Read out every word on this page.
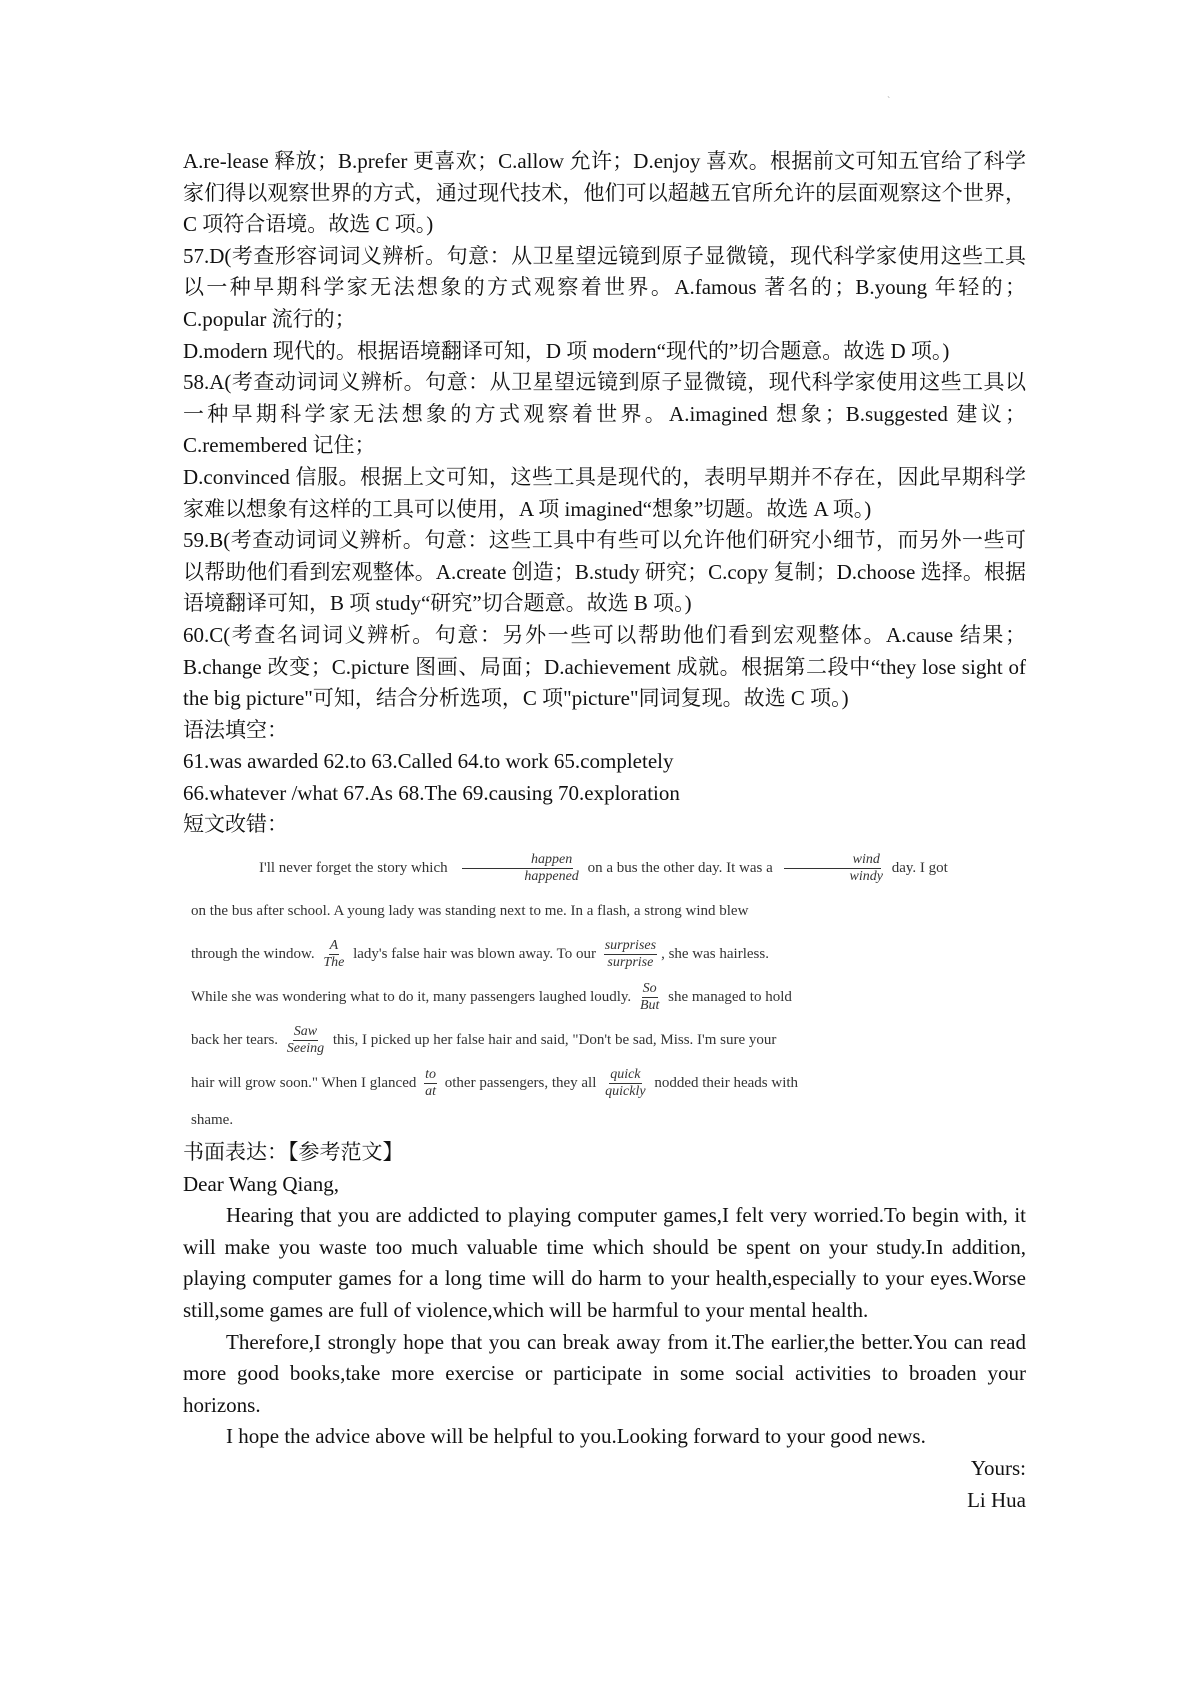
`

A.re-lease 释放；B.prefer 更喜欢；C.allow 允许；D.enjoy 喜欢。根据前文可知五官给了科学家们得以观察世界的方式，通过现代技术，他们可以超越五官所允许的层面观察这个世界，C 项符合语境。故选 C 项。)

57.D(考查形容词词义辨析。句意：从卫星望远镜到原子显微镜，现代科学家使用这些工具以一种早期科学家无法想象的方式观察着世界。A.famous 著名的；B.young 年轻的；C.popular 流行的；

D.modern 现代的。根据语境翻译可知，D 项 modern“现代的”切合题意。故选 D 项。)

58.A(考查动词词义辨析。句意：从卫星望远镜到原子显微镜，现代科学家使用这些工具以一种早期科学家无法想象的方式观察着世界。A.imagined 想象；B.suggested 建议；C.remembered 记住；

D.convinced 信服。根据上文可知，这些工具是现代的，表明早期并不存在，因此早期科学家难以想象有这样的工具可以使用，A 项 imagined“想象”切题。故选 A 项。)

59.B(考查动词词义辨析。句意：这些工具中有些可以允许他们研究小细节，而另外一些可以帮助他们看到宏观整体。A.create 创造；B.study 研究；C.copy 复制；D.choose 选择。根据语境翻译可知，B 项 study“研究”切合题意。故选 B 项。)

60.C(考查名词词义辨析。句意：另外一些可以帮助他们看到宏观整体。A.cause 结果；B.change 改变；C.picture 图画、局面；D.achievement 成就。根据第二段中“they lose sight of the big picture"可知，结合分析选项，C 项"picture"同词复现。故选 C 项。)

语法填空：

61.was awarded 62.to 63.Called 64.to work 65.completely

66.whatever /what 67.As 68.The 69.causing 70.exploration

短文改错：

I'll never forget the story which $\frac{\text{happen}}{\text{happened}}$ on a bus the other day. It was a $\frac{\text{wind}}{\text{windy}}$ day. I got

on the bus after school. A young lady was standing next to me. In a flash, a strong wind blew

through the window. $\frac{A}{\text{The}}$ lady's false hair was blown away. To our $\frac{\text{surprises}}{\text{surprise}}$ , she was hairless.

While she was wondering what to do it, many passengers laughed loudly. $\frac{So}{\text{But}}$ she managed to hold

back her tears. $\frac{\text{Saw}}{\text{Seeing}}$ this, I picked up her false hair and said, "Don't be sad, Miss. I'm sure your

hair will grow soon." When I glanced $\frac{to}{at}$ other passengers, they all $\frac{\text{quick}}{\text{quickly}}$ nodded their heads with

shame.

书面表达：【参考范文】

Dear Wang Qiang,

Hearing that you are addicted to playing computer games,I felt very worried.To begin with, it will make you waste too much valuable time which should be spent on your study.In addition, playing computer games for a long time will do harm to your health,especially to your eyes.Worse still,some games are full of violence,which will be harmful to your mental health.

Therefore,I strongly hope that you can break away from it.The earlier,the better.You can read more good books,take more exercise or participate in some social activities to broaden your horizons.

I hope the advice above will be helpful to you.Looking forward to your good news.

Yours:

Li Hua
